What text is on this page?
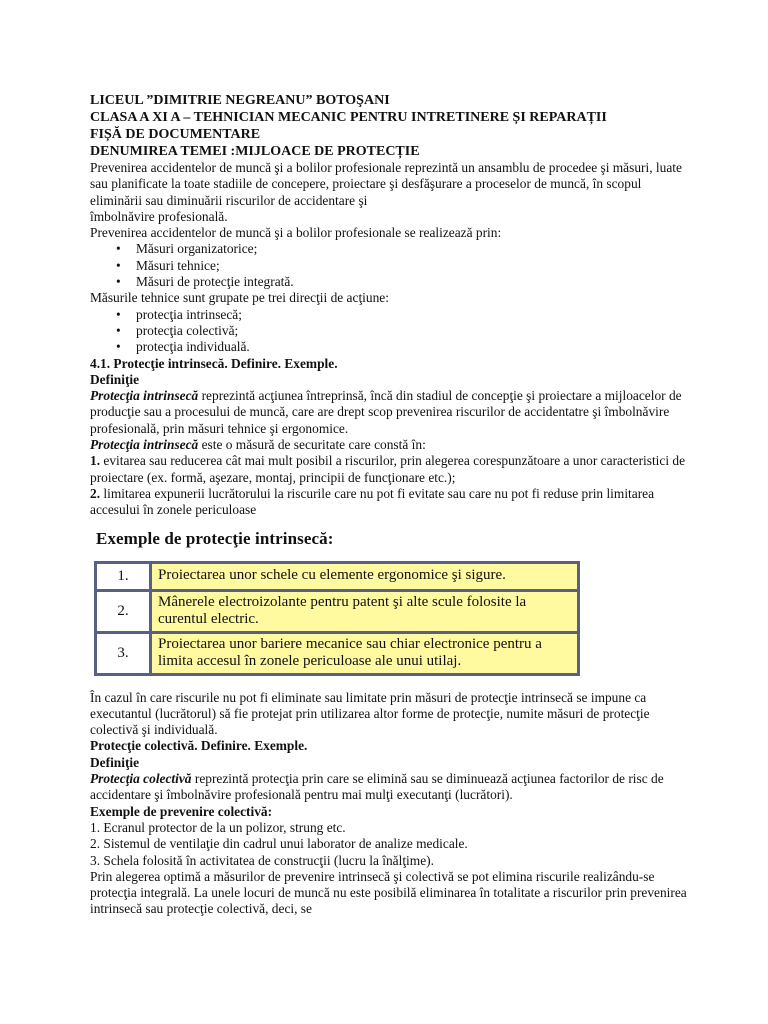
LICEUL ”DIMITRIE NEGREANU” BOTOŞANI

CLASA A XI A – TEHNICIAN MECANIC PENTRU INTRETINERE ȘI REPARAȚII

FIȘĂ DE DOCUMENTARE

DENUMIREA TEMEI :MIJLOACE DE PROTECȚIE

Prevenirea accidentelor de muncă şi a bolilor profesionale reprezintă un ansamblu de procedee şi măsuri, luate

sau planificate la toate stadiile de concepere, proiectare şi desfăşurare a proceselor de muncă, în scopul

eliminării sau diminuării riscurilor de accidentare şi

îmbolnăvire profesională.

Prevenirea accidentelor de muncă şi a bolilor profesionale se realizează prin:

• Măsuri organizatorice;
• Măsuri tehnice;
• Măsuri de protecţie integrată.

Măsurile tehnice sunt grupate pe trei direcţii de acţiune:

• protecţia intrinsecă;
• protecţia colectivă;
• protecţia individuală.

4.1. Protecţie intrinsecă. Definire. Exemple.

Definiţie

Protecţia intrinsecă reprezintă acţiunea întreprinsă, încă din stadiul de concepţie şi proiectare a mijloacelor de

producţie sau a procesului de muncă, care are drept scop prevenirea riscurilor de accidentatre şi îmbolnăvire

profesională, prin măsuri tehnice şi ergonomice.

Protecţia intrinsecă este o măsură de securitate care constă în:

1. evitarea sau reducerea cât mai mult posibil a riscurilor, prin alegerea corespunzătoare a unor caracteristici de

proiectare (ex. formă, aşezare, montaj, principii de funcţionare etc.);

2. limitarea expunerii lucrătorului la riscurile care nu pot fi evitate sau care nu pot fi reduse prin limitarea

accesului în zonele periculoase

Exemple de protecţie intrinsecă:
1.	Proiectarea unor schele cu elemente ergonomice şi sigure.
2.	Mânerele electroizolante pentru patent şi alte scule folosite la
curentul electric.
3.	Proiectarea unor bariere mecanice sau chiar electronice pentru a
limita accesul în zonele periculoase ale unui utilaj.

În cazul în care riscurile nu pot fi eliminate sau limitate prin măsuri de protecţie intrinsecă se impune ca

executantul (lucrătorul) să fie protejat prin utilizarea altor forme de protecţie, numite măsuri de protecţie

colectivă şi individuală.

Protecţie colectivă. Definire. Exemple.

Definiţie

Protecţia colectivă reprezintă protecţia prin care se elimină sau se diminuează acţiunea factorilor de risc de

accidentare şi îmbolnăvire profesională pentru mai mulţi executanţi (lucrători).

Exemple de prevenire colectivă:

1. Ecranul protector de la un polizor, strung etc.

2. Sistemul de ventilaţie din cadrul unui laborator de analize medicale.

3. Schela folosită în activitatea de construcţii (lucru la înălţime).

Prin alegerea optimă a măsurilor de prevenire intrinsecă şi colectivă se pot elimina riscurile realizându-se

protecţia integrală. La unele locuri de muncă nu este posibilă eliminarea în totalitate a riscurilor prin prevenirea

intrinsecă sau protecţie colectivă, deci, se
